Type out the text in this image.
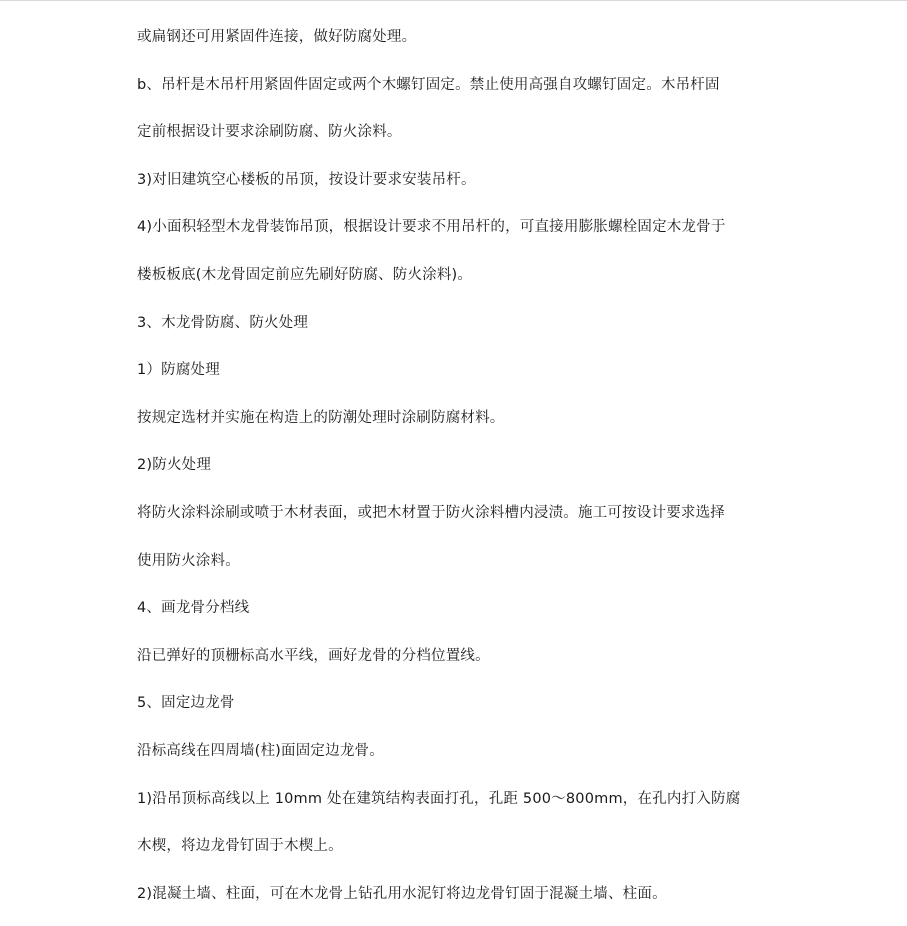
或扁钢还可用紧固件连接，做好防腐处理。
b、吊杆是木吊杆用紧固件固定或两个木螺钉固定。禁止使用高强自攻螺钉固定。木吊杆固
定前根据设计要求涂刷防腐、防火涂料。
3)对旧建筑空心楼板的吊顶，按设计要求安装吊杆。
4)小面积轻型木龙骨装饰吊顶，根据设计要求不用吊杆的，可直接用膨胀螺栓固定木龙骨于
楼板板底(木龙骨固定前应先刷好防腐、防火涂料)。
3、木龙骨防腐、防火处理
1）防腐处理
按规定选材并实施在构造上的防潮处理时涂刷防腐材料。
2)防火处理
将防火涂料涂刷或喷于木材表面，或把木材置于防火涂料槽内浸渍。施工可按设计要求选择
使用防火涂料。
4、画龙骨分档线
沿已弹好的顶栅标高水平线，画好龙骨的分档位置线。
5、固定边龙骨
沿标高线在四周墙(柱)面固定边龙骨。
1)沿吊顶标高线以上 10mm 处在建筑结构表面打孔，孔距 500～800mm，在孔内打入防腐
木楔，将边龙骨钉固于木楔上。
2)混凝土墙、柱面，可在木龙骨上钻孔用水泥钉将边龙骨钉固于混凝土墙、柱面。
